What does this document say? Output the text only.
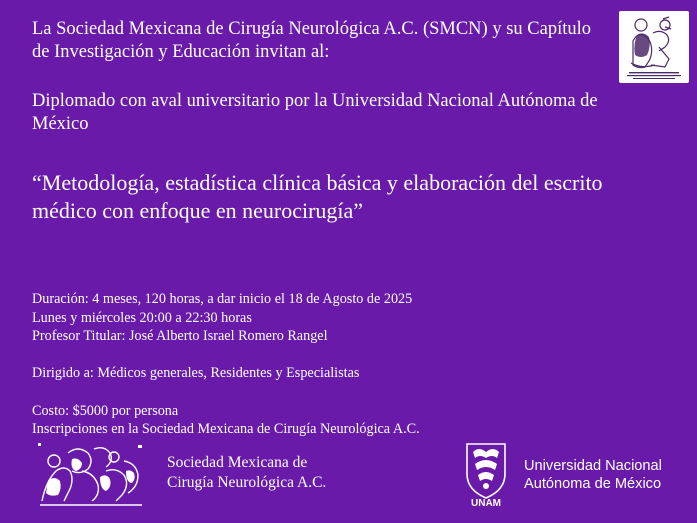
La Sociedad Mexicana de Cirugía Neurológica A.C. (SMCN) y su Capítulo de Investigación y Educación invitan al:

Diplomado con aval universitario por la Universidad Nacional Autónoma de México

“Metodología, estadística clínica básica y elaboración del escrito médico con enfoque en neurocirugía”
Duración: 4 meses, 120 horas, a dar inicio el 18 de Agosto de 2025
Lunes y miércoles 20:00 a 22:30 horas
Profesor Titular: José Alberto Israel Romero Rangel
Dirigido a: Médicos generales, Residentes y Especialistas
Costo: $5000 por persona
Inscripciones en la Sociedad Mexicana de Cirugía Neurológica A.C.
Sociedad Mexicana de
Cirugía Neurológica A.C.
UNAM
Universidad Nacional
Autónoma de México
